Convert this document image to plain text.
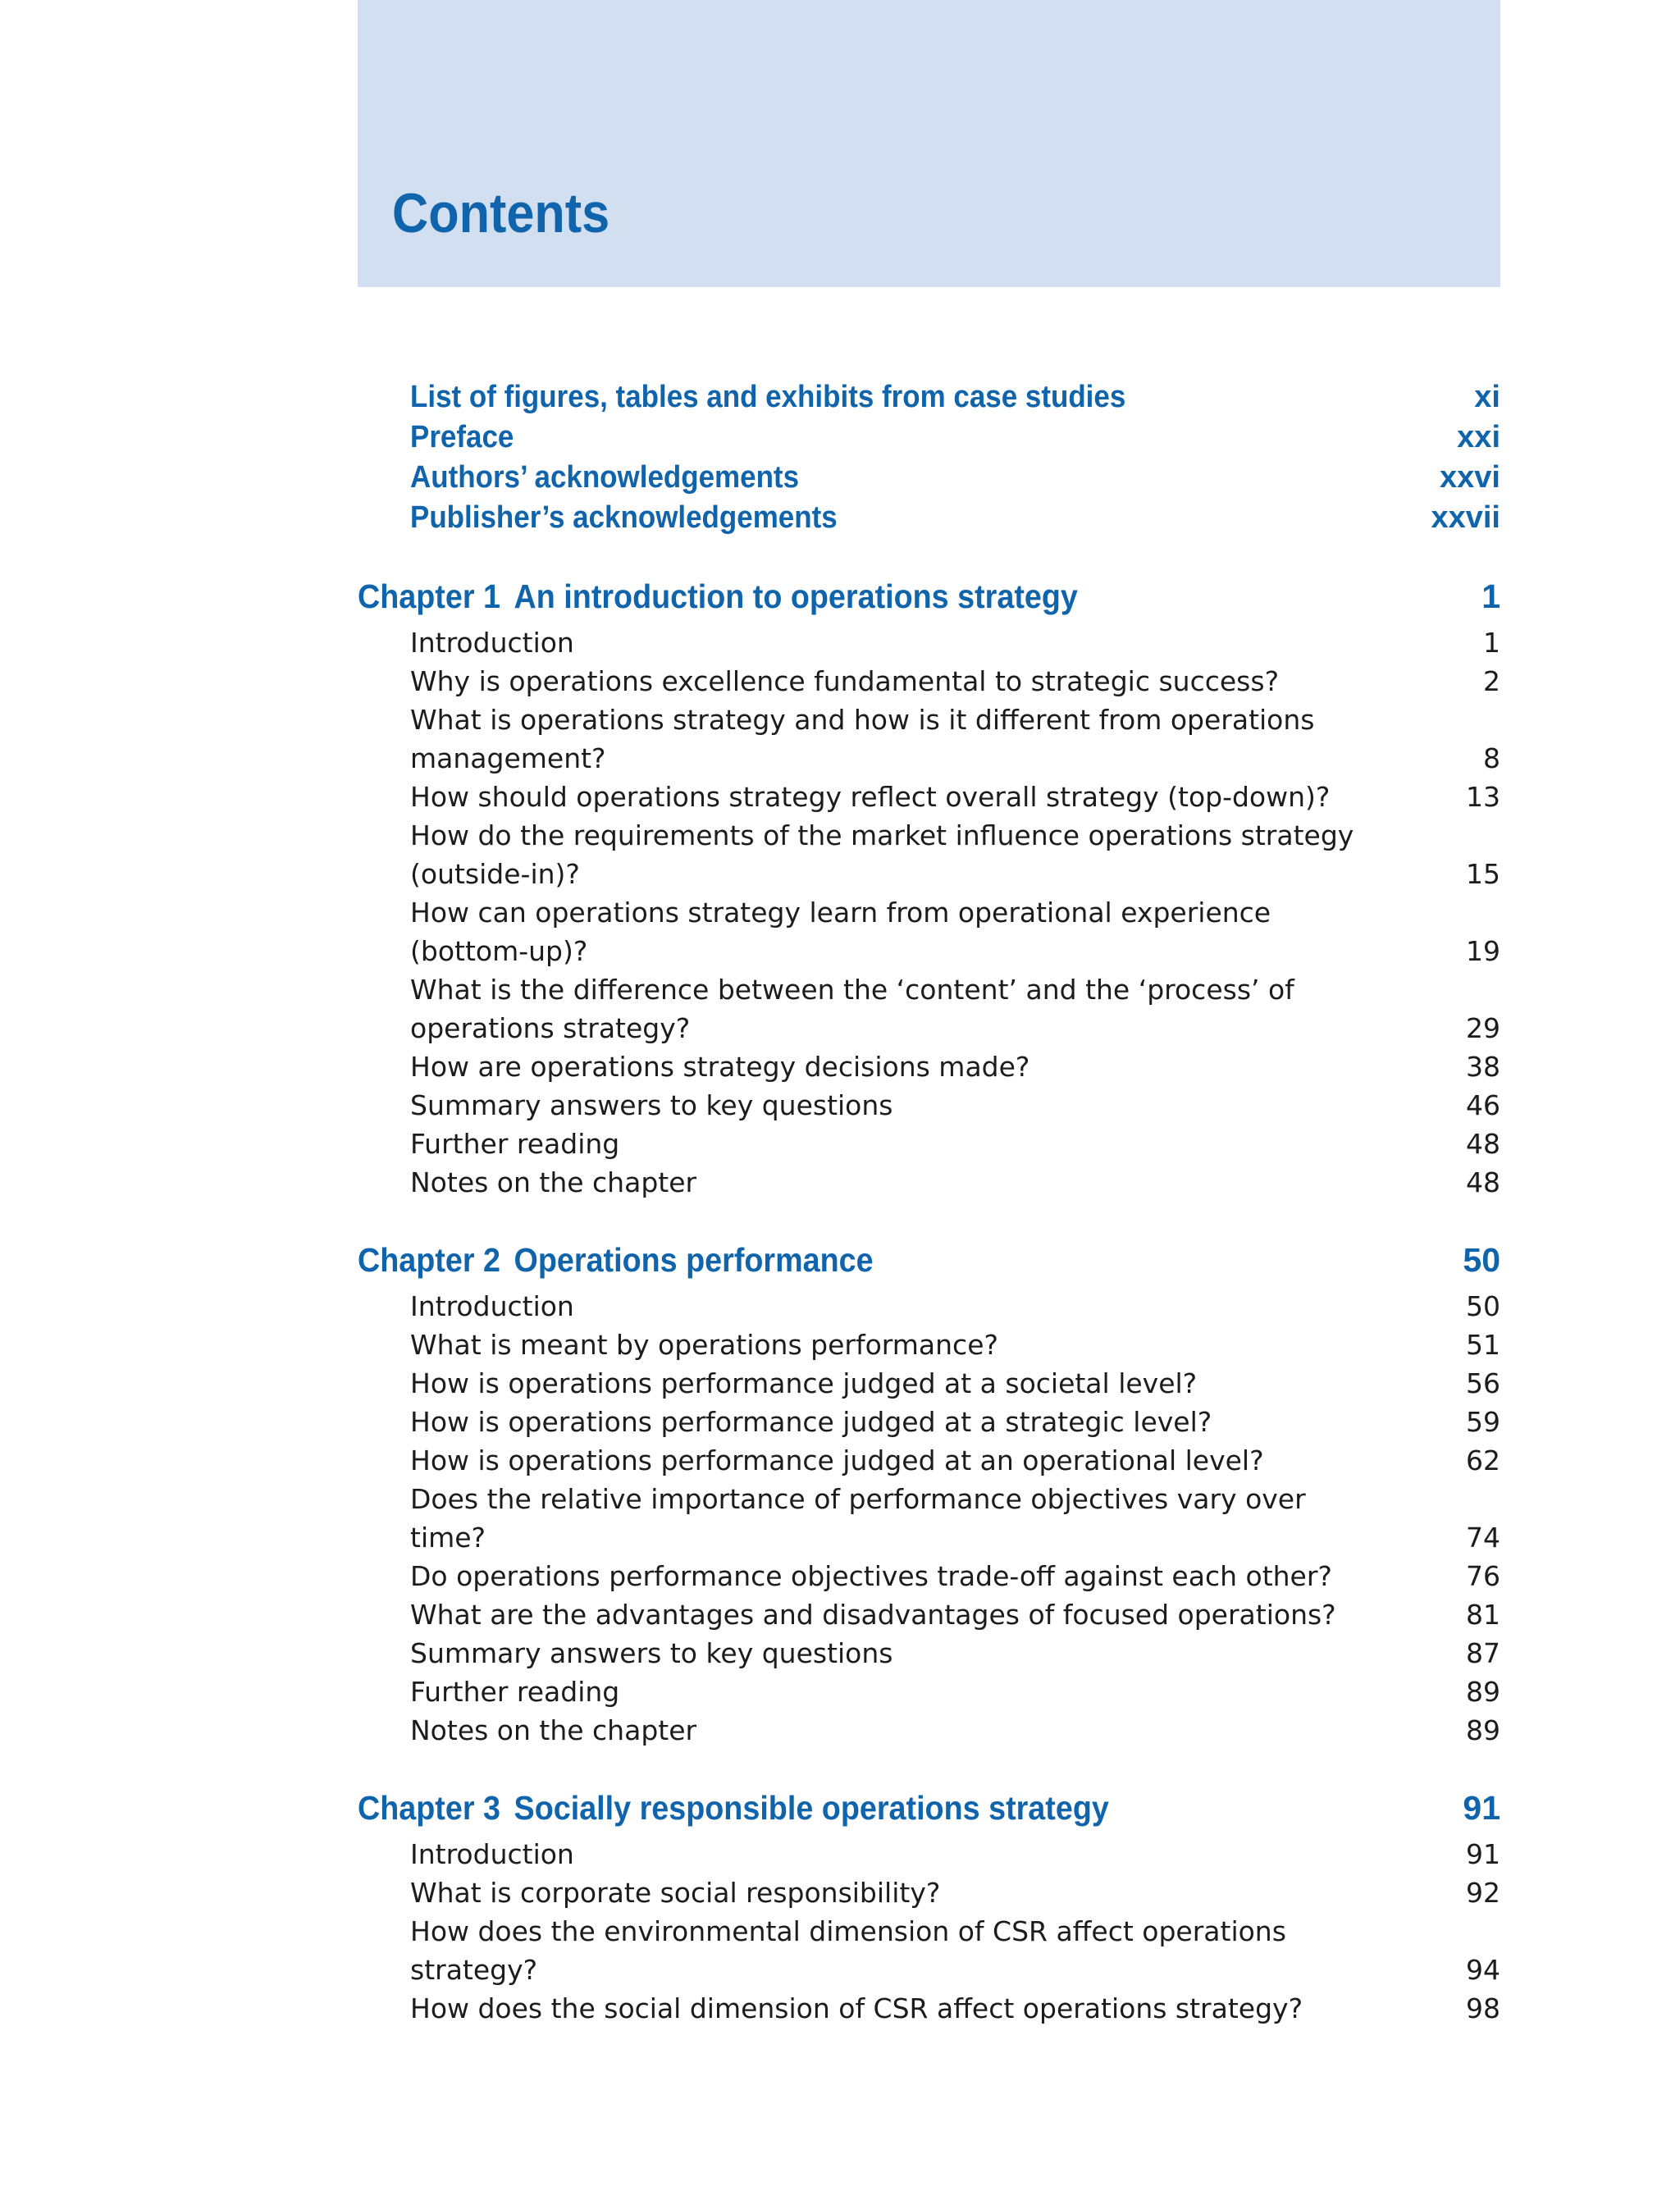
Contents
List of figures, tables and exhibits from case studies	xi
Preface	xxi
Authors’ acknowledgements	xxvi
Publisher’s acknowledgements	xxvii
Chapter 1 An introduction to operations strategy	1
Introduction	1
Why is operations excellence fundamental to strategic success?	2
What is operations strategy and how is it different from operations management?	8
How should operations strategy reflect overall strategy (top-down)?	13
How do the requirements of the market influence operations strategy (outside-in)?	15
How can operations strategy learn from operational experience (bottom-up)?	19
What is the difference between the ‘content’ and the ‘process’ of operations strategy?	29
How are operations strategy decisions made?	38
Summary answers to key questions	46
Further reading	48
Notes on the chapter	48
Chapter 2 Operations performance	50
Introduction	50
What is meant by operations performance?	51
How is operations performance judged at a societal level?	56
How is operations performance judged at a strategic level?	59
How is operations performance judged at an operational level?	62
Does the relative importance of performance objectives vary over time?	74
Do operations performance objectives trade-off against each other?	76
What are the advantages and disadvantages of focused operations?	81
Summary answers to key questions	87
Further reading	89
Notes on the chapter	89
Chapter 3 Socially responsible operations strategy	91
Introduction	91
What is corporate social responsibility?	92
How does the environmental dimension of CSR affect operations strategy?	94
How does the social dimension of CSR affect operations strategy?	98
